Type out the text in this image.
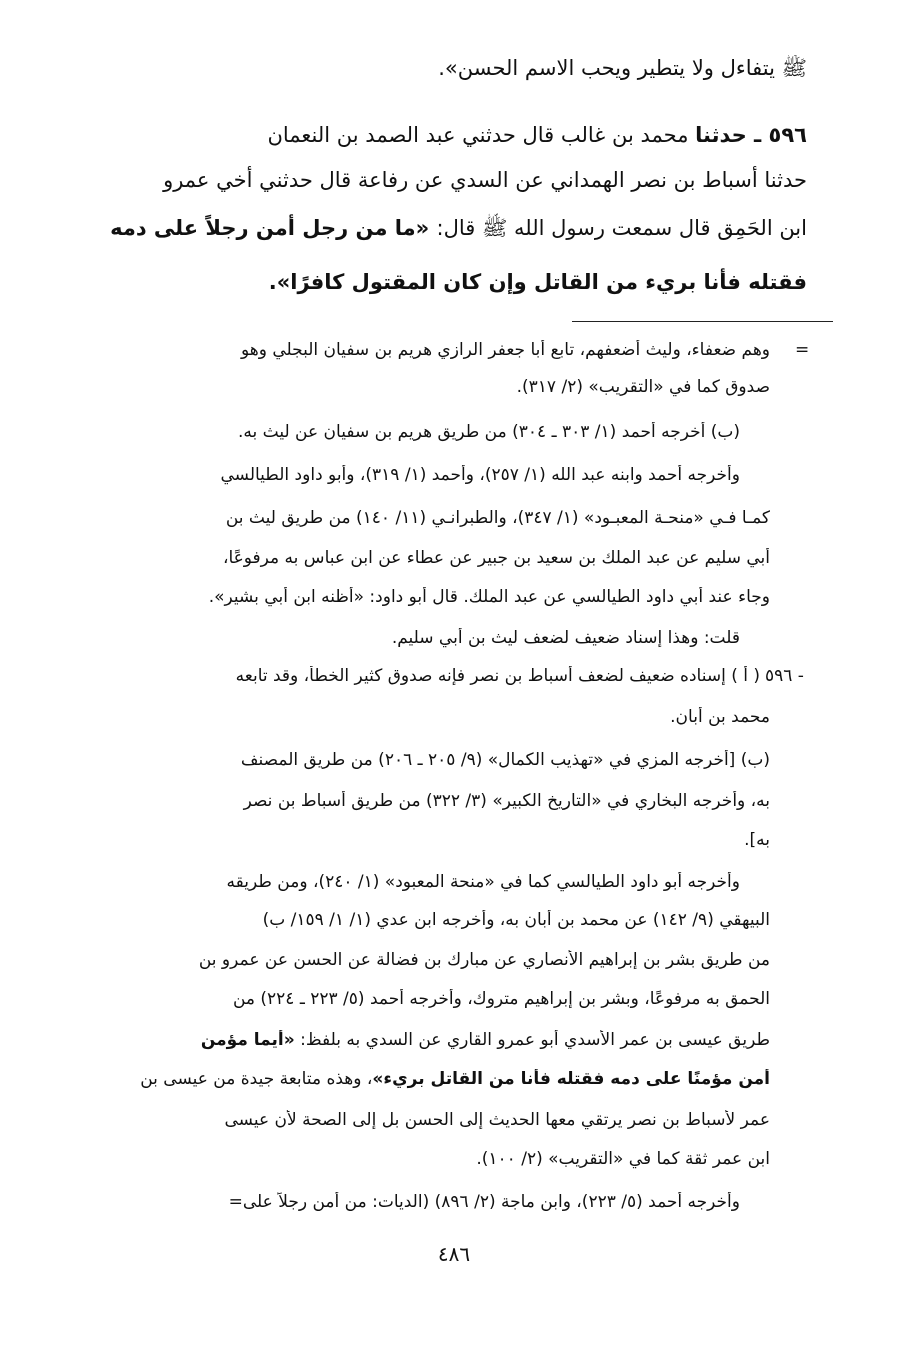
ﷺ يتفاءل ولا يتطير ويحب الاسم الحسن».
٥٩٦ ـ حدثنا محمد بن غالب قال حدثني عبد الصمد بن النعمان
حدثنا أسباط بن نصر الهمداني عن السدي عن رفاعة قال حدثني أخي عمرو
ابن الحَمِق قال سمعت رسول الله ﷺ قال: «ما من رجل أمن رجلاً على دمه
فقتله فأنا بريء من القاتل وإن كان المقتول كافرًا».
=
وهم ضعفاء، وليث أضعفهم، تابع أبا جعفر الرازي هريم بن سفيان البجلي وهو
صدوق كما في «التقريب» (٢/ ٣١٧).
(ب) أخرجه أحمد (١/ ٣٠٣ ـ ٣٠٤) من طريق هريم بن سفيان عن ليث به.
وأخرجه أحمد وابنه عبد الله (١/ ٢٥٧)، وأحمد (١/ ٣١٩)، وأبو داود الطيالسي
كمـا فـي «منحـة المعبـود» (١/ ٣٤٧)، والطبرانـي (١١/ ١٤٠) من طريق ليث بن
أبي سليم عن عبد الملك بن سعيد بن جبير عن عطاء عن ابن عباس به مرفوعًا،
وجاء عند أبي داود الطيالسي عن عبد الملك. قال أبو داود: «أظنه ابن أبي بشير».
قلت: وهذا إسناد ضعيف لضعف ليث بن أبي سليم.
٥٩٦ -
( أ ) إسناده ضعيف لضعف أسباط بن نصر فإنه صدوق كثير الخطأ، وقد تابعه
محمد بن أبان.
(ب) [أخرجه المزي في «تهذيب الكمال» (٩/ ٢٠٥ ـ ٢٠٦) من طريق المصنف
به، وأخرجه البخاري في «التاريخ الكبير» (٣/ ٣٢٢) من طريق أسباط بن نصر
به].
وأخرجه أبو داود الطيالسي كما في «منحة المعبود» (١/ ٢٤٠)، ومن طريقه
البيهقي (٩/ ١٤٢) عن محمد بن أبان به، وأخرجه ابن عدي (١/ ١/ ١٥٩/ ب)
من طريق بشر بن إبراهيم الأنصاري عن مبارك بن فضالة عن الحسن عن عمرو بن
الحمق به مرفوعًا، وبشر بن إبراهيم متروك، وأخرجه أحمد (٥/ ٢٢٣ ـ ٢٢٤) من
طريق عيسى بن عمر الأسدي أبو عمرو القاري عن السدي به بلفظ: «أيما مؤمن
أمن مؤمنًا على دمه فقتله فأنا من القاتل بريء»، وهذه متابعة جيدة من عيسى بن
عمر لأسباط بن نصر يرتقي معها الحديث إلى الحسن بل إلى الصحة لأن عيسى
ابن عمر ثقة كما في «التقريب» (٢/ ١٠٠).
وأخرجه أحمد (٥/ ٢٢٣)، وابن ماجة (٢/ ٨٩٦) (الديات: من أمن رجلاً على=
٤٨٦
